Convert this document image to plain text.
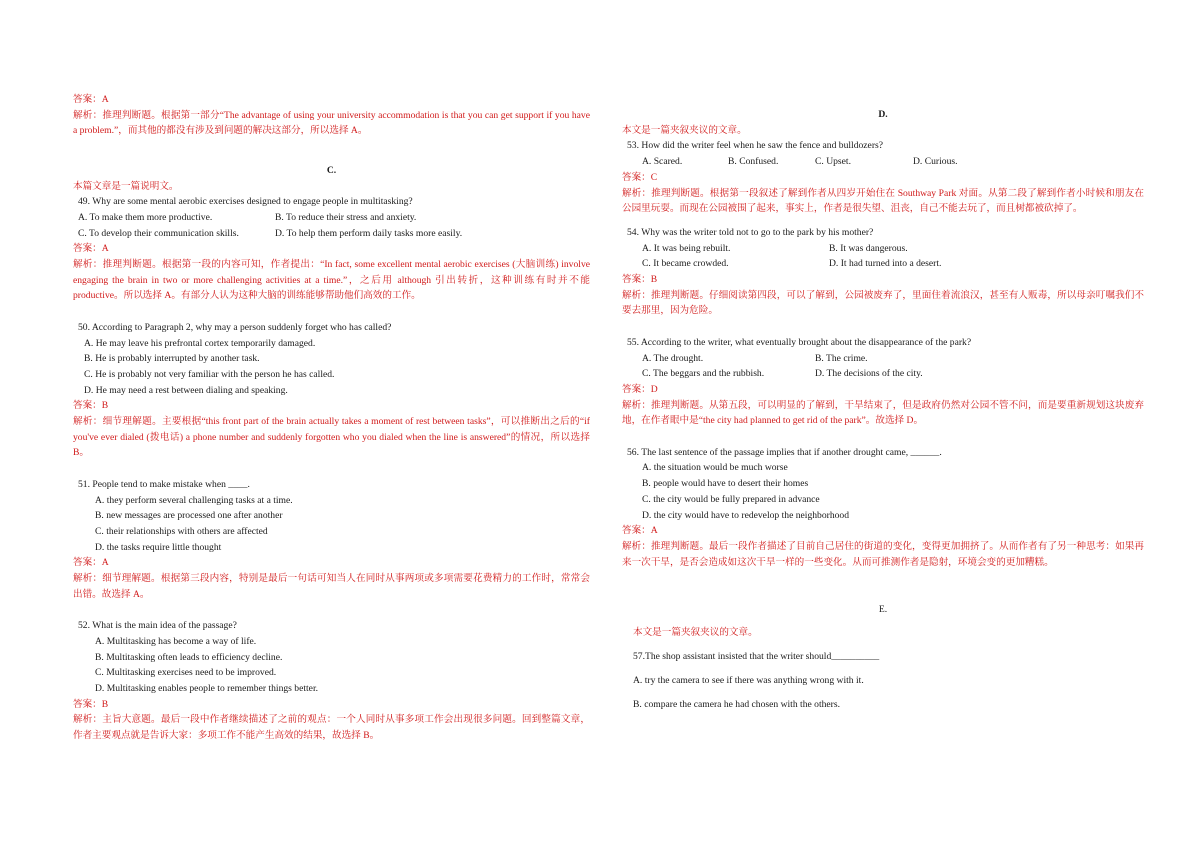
答案：A

解析：推理判断题。根据第一部分“The advantage of using your university accommodation is that you can get support if you have a problem.”，而其他的都没有涉及到问题的解决这部分，所以选择 A。

C.

本篇文章是一篇说明文。

49. Why are some mental aerobic exercises designed to engage people in multitasking?

A. To make them more productive.	B. To reduce their stress and anxiety.
C. To develop their communication skills.	D. To help them perform daily tasks more easily.

答案：A

解析：推理判断题。根据第一段的内容可知，作者提出：“In fact, some excellent mental aerobic exercises (大脑训练) involve engaging the brain in two or more challenging activities at a time.”，之后用 although 引出转折，这种训练有时并不能 productive。所以选择 A。有部分人认为这种大脑的训练能够帮助他们高效的工作。

50. According to Paragraph 2, why may a person suddenly forget who has called?

A. He may leave his prefrontal cortex temporarily damaged.

B. He is probably interrupted by another task.

C. He is probably not very familiar with the person he has called.

D. He may need a rest between dialing and speaking.

答案：B

解析：细节理解题。主要根据“this front part of the brain actually takes a moment of rest between tasks”，可以推断出之后的“if you've ever dialed (拨电话) a phone number and suddenly forgotten who you dialed when the line is answered”的情况，所以选择 B。

51. People tend to make mistake when ____.

A. they perform several challenging tasks at a time.

B. new messages are processed one after another

C. their relationships with others are affected

D. the tasks require little thought

答案：A

解析：细节理解题。根据第三段内容，特别是最后一句话可知当人在同时从事两项或多项需要花费精力的工作时，常常会出错。故选择 A。

52. What is the main idea of the passage?

A. Multitasking has become a way of life.

B. Multitasking often leads to efficiency decline.

C. Multitasking exercises need to be improved.

D. Multitasking enables people to remember things better.

答案：B

解析：主旨大意题。最后一段中作者继续描述了之前的观点：一个人同时从事多项工作会出现很多问题。回到整篇文章，作者主要观点就是告诉大家：多项工作不能产生高效的结果，故选择 B。

D.

本文是一篇夹叙夹议的文章。

53. How did the writer feel when he saw the fence and bulldozers?

A. Scared.	B. Confused.	C. Upset.	D. Curious.

答案：C

解析：推理判断题。根据第一段叙述了解到作者从四岁开始住在 Southway Park 对面。从第二段了解到作者小时候和朋友在公园里玩耍。而现在公园被围了起来，事实上，作者是很失望、沮丧，自己不能去玩了，而且树都被砍掉了。

54. Why was the writer told not to go to the park by his mother?

A. It was being rebuilt.	B. It was dangerous.
C. It became crowded.	D. It had turned into a desert.

答案：B

解析：推理判断题。仔细阅读第四段，可以了解到，公园被废弃了，里面住着流浪汉，甚至有人贩毒，所以母亲叮嘱我们不要去那里，因为危险。

55. According to the writer, what eventually brought about the disappearance of the park?

A. The drought.	B. The crime.
C. The beggars and the rubbish.	D. The decisions of the city.

答案：D

解析：推理判断题。从第五段，可以明显的了解到，干旱结束了，但是政府仍然对公园不管不问，而是要重新规划这块废弃地，在作者眼中是“the city had planned to get rid of the park”。故选择 D。

56. The last sentence of the passage implies that if another drought came, ______.

A. the situation would be much worse

B. people would have to desert their homes

C. the city would be fully prepared in advance

D. the city would have to redevelop the neighborhood

答案：A

解析：推理判断题。最后一段作者描述了目前自己居住的街道的变化，变得更加拥挤了。从而作者有了另一种思考：如果再来一次干旱，是否会造成如这次干旱一样的一些变化。从而可推测作者是隐射，环境会变的更加糟糕。

E.

本文是一篇夹叙夹议的文章。

57.The shop assistant insisted that the writer should__________

A. try the camera to see if there was anything wrong with it.

B. compare the camera he had chosen with the others.
